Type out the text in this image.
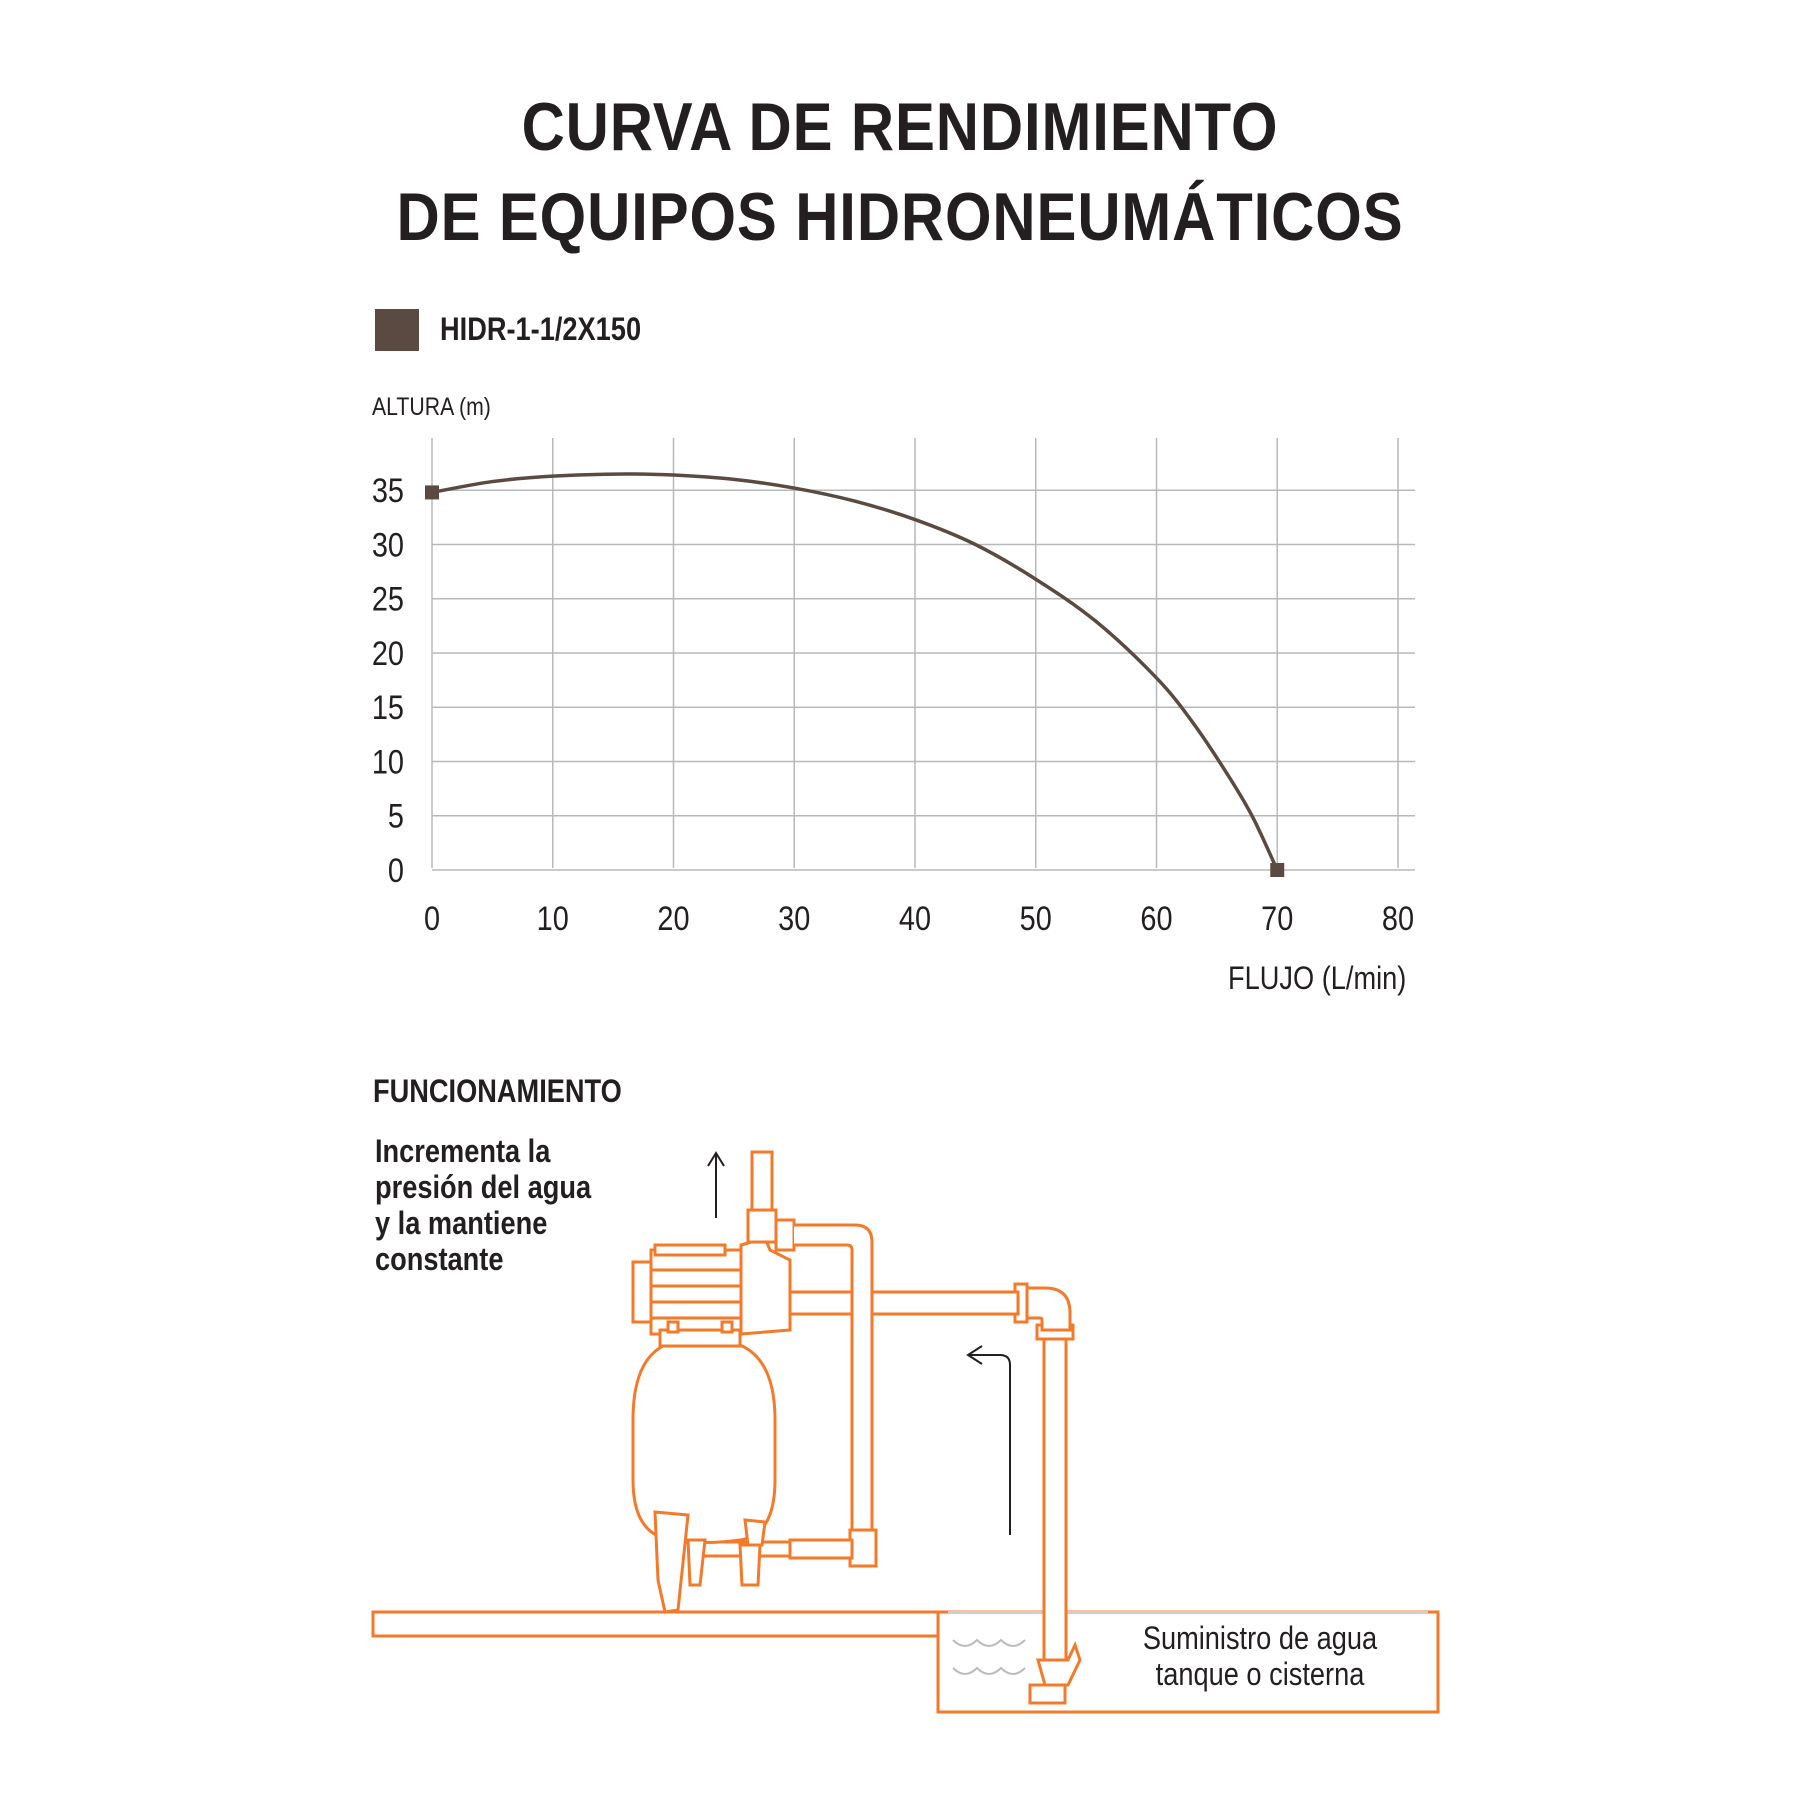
CURVA DE RENDIMIENTO
DE EQUIPOS HIDRONEUMÁTICOS
HIDR-1-1/2X150
ALTURA (m)
FLUJO (L/min)
0	10	20	30	40	50	60	70	80
0
5
10
15
20
25
30
35
FUNCIONAMIENTO
Incrementa la
presión del agua
y la mantiene
constante
Suministro de agua
tanque o cisterna
